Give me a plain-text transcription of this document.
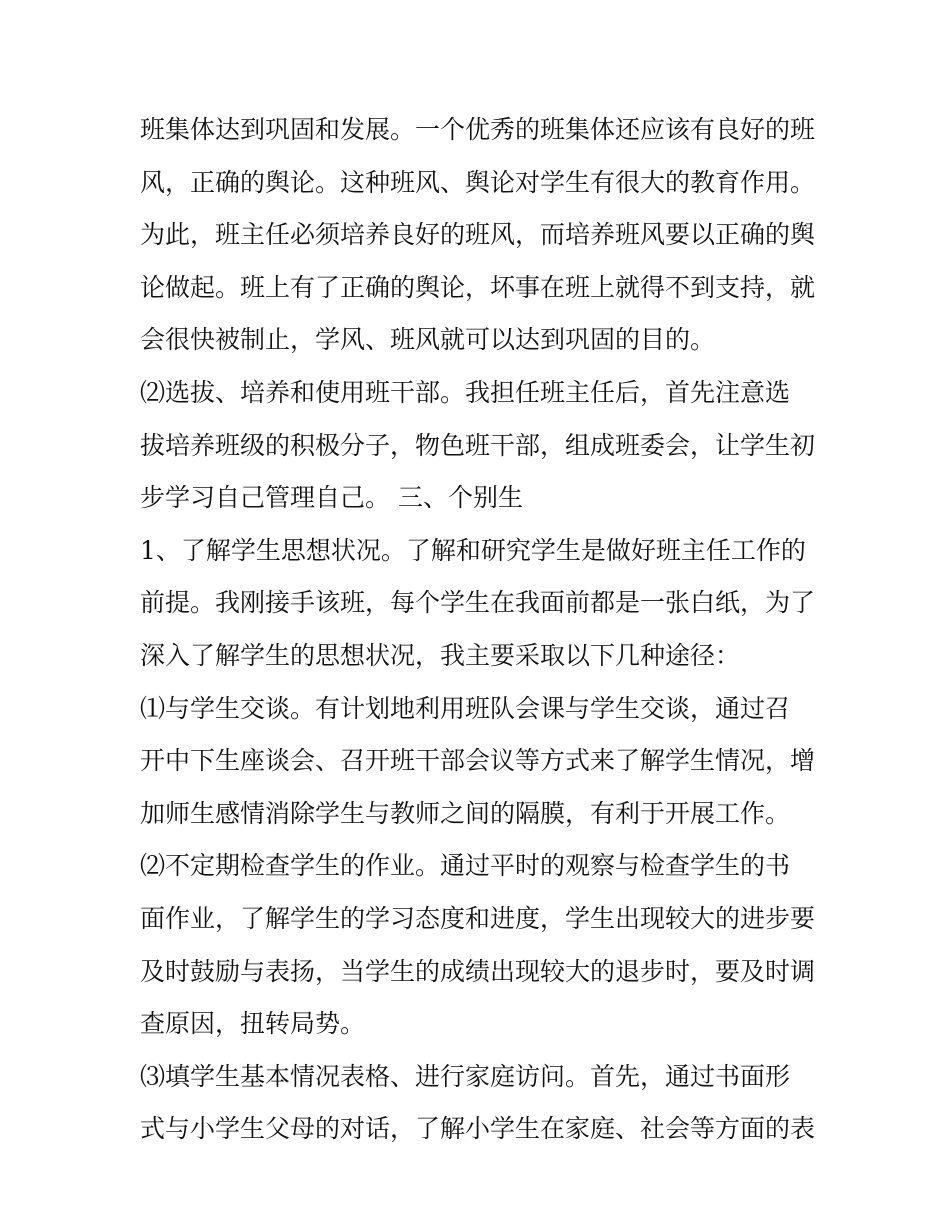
班集体达到巩固和发展。一个优秀的班集体还应该有良好的班
风，正确的舆论。这种班风、舆论对学生有很大的教育作用。
为此，班主任必须培养良好的班风，而培养班风要以正确的舆
论做起。班上有了正确的舆论，坏事在班上就得不到支持，就
会很快被制止，学风、班风就可以达到巩固的目的。
⑵选拔、培养和使用班干部。我担任班主任后，首先注意选
拔培养班级的积极分子，物色班干部，组成班委会，让学生初
步学习自己管理自己。 三、个别生
1、了解学生思想状况。了解和研究学生是做好班主任工作的
前提。我刚接手该班，每个学生在我面前都是一张白纸，为了
深入了解学生的思想状况，我主要采取以下几种途径：
⑴与学生交谈。有计划地利用班队会课与学生交谈，通过召
开中下生座谈会、召开班干部会议等方式来了解学生情况，增
加师生感情消除学生与教师之间的隔膜，有利于开展工作。
⑵不定期检查学生的作业。通过平时的观察与检查学生的书
面作业，了解学生的学习态度和进度，学生出现较大的进步要
及时鼓励与表扬，当学生的成绩出现较大的退步时，要及时调
查原因，扭转局势。
⑶填学生基本情况表格、进行家庭访问。首先，通过书面形
式与小学生父母的对话，了解小学生在家庭、社会等方面的表
